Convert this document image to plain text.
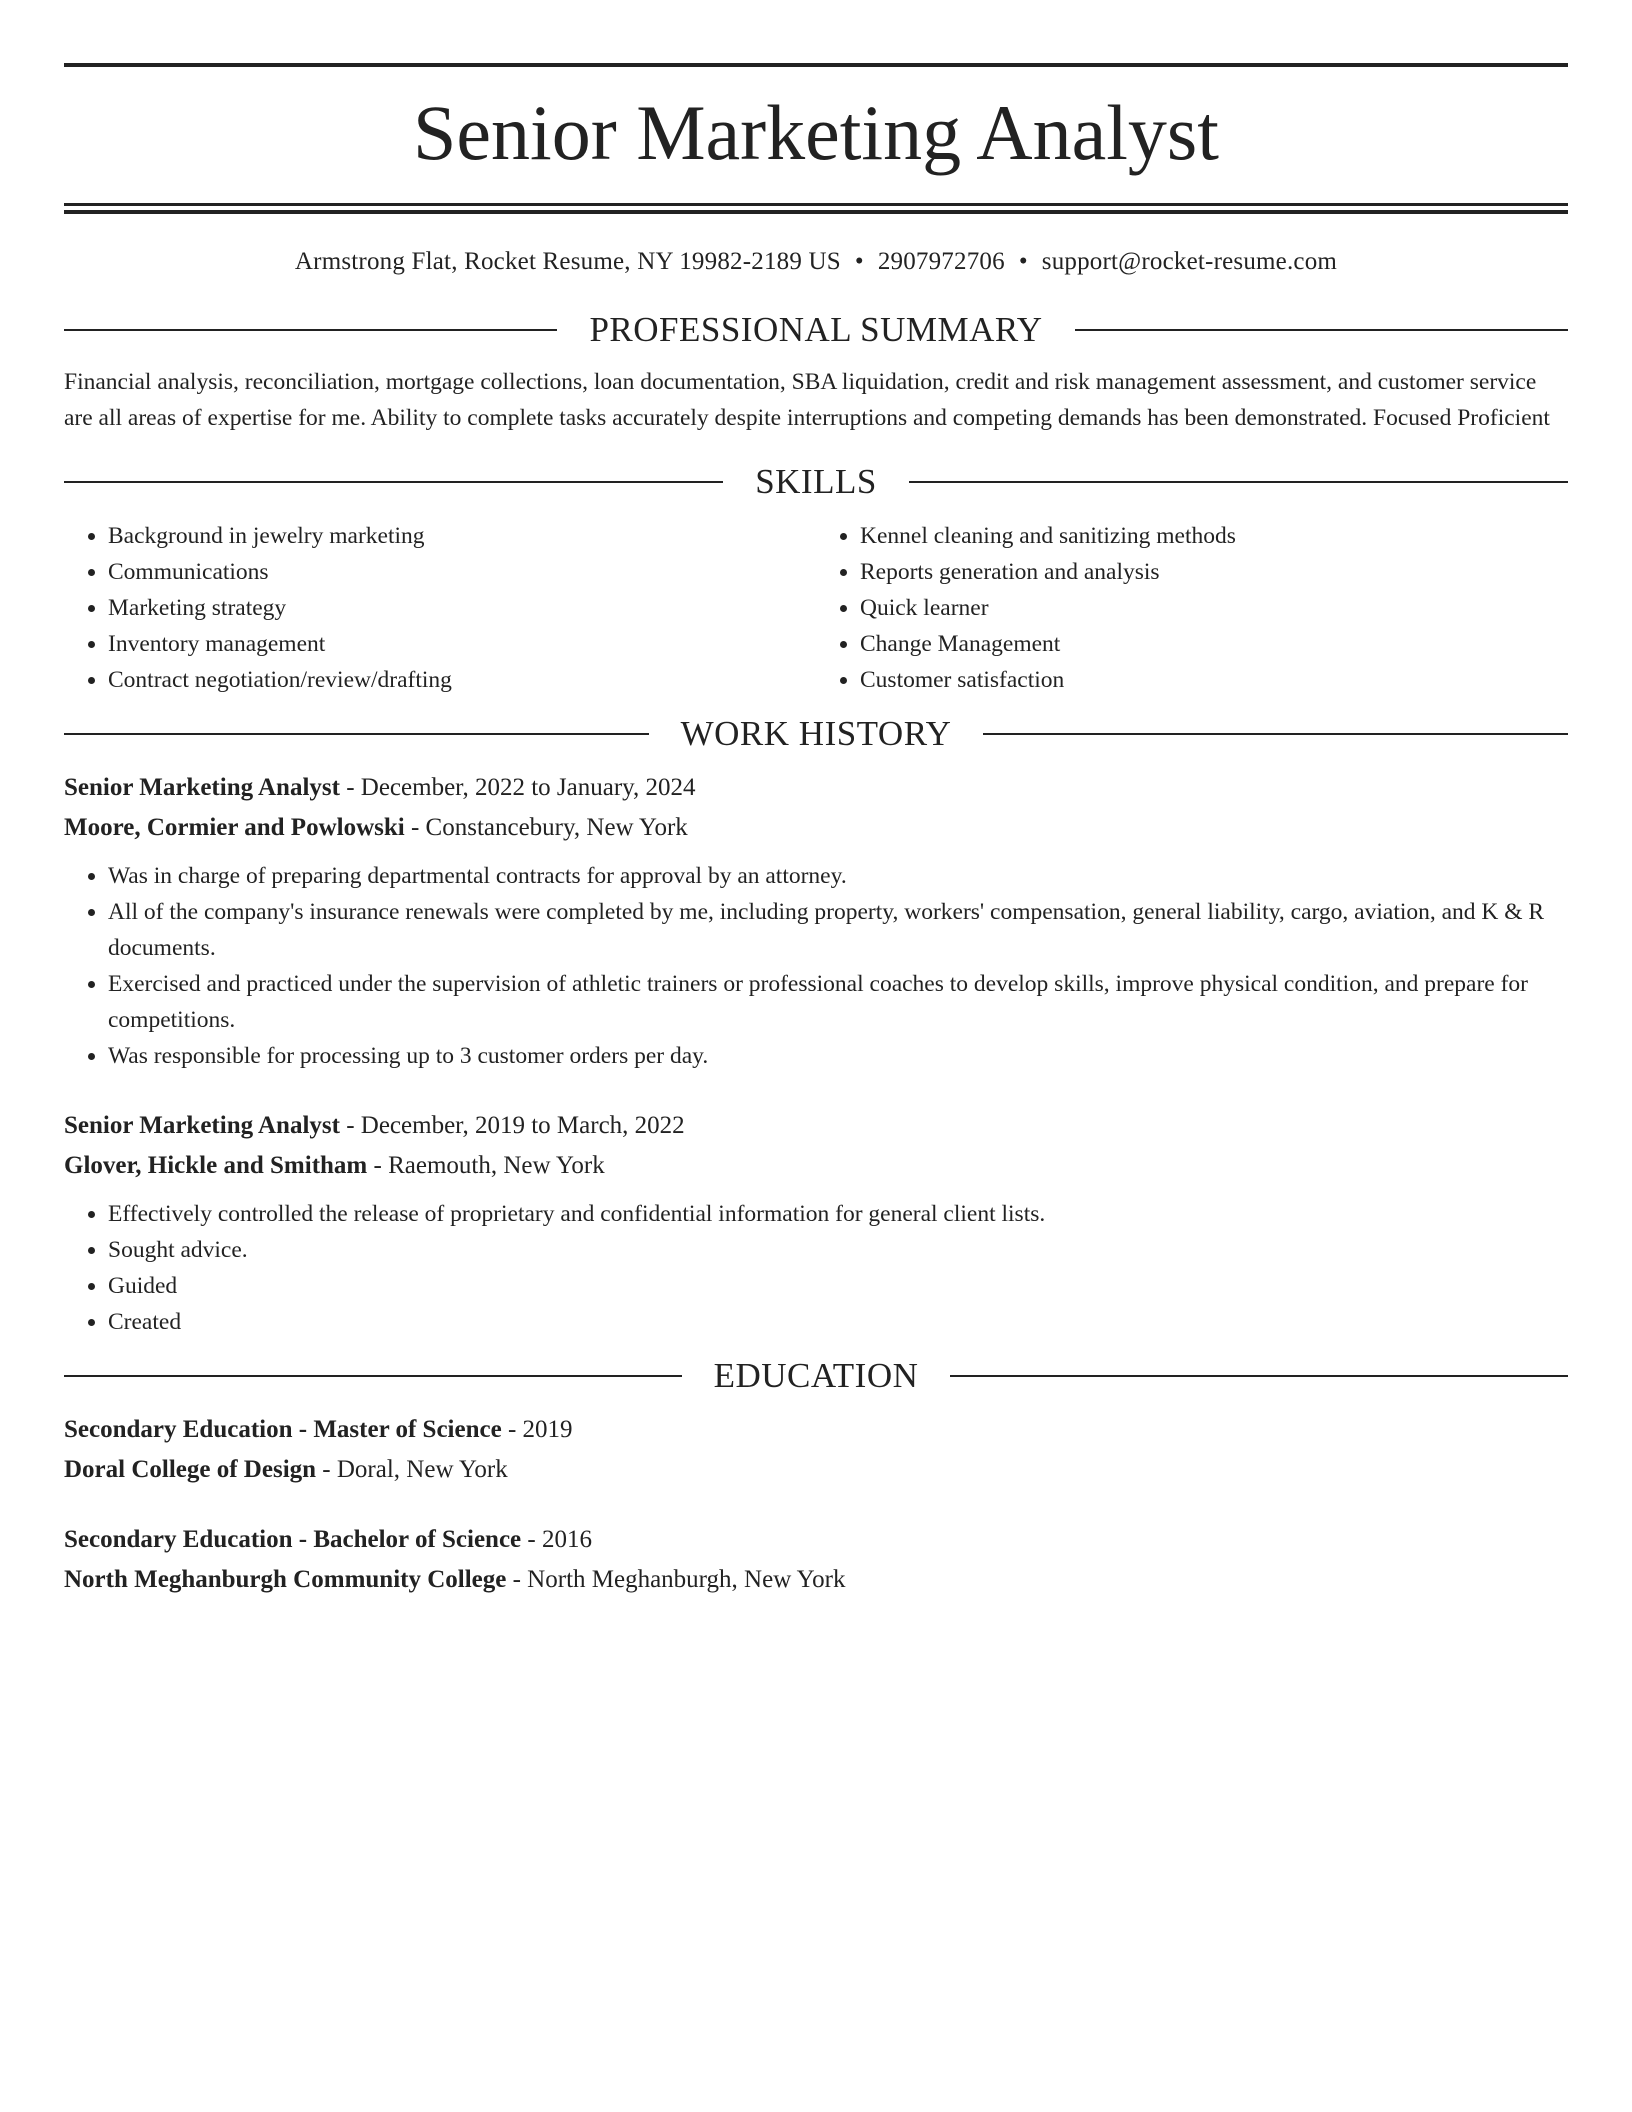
Senior Marketing Analyst
Armstrong Flat, Rocket Resume, NY 19982-2189 US • 2907972706 • support@rocket-resume.com
PROFESSIONAL SUMMARY

Financial analysis, reconciliation, mortgage collections, loan documentation, SBA liquidation, credit and risk management assessment, and customer service are all areas of expertise for me. Ability to complete tasks accurately despite interruptions and competing demands has been demonstrated. Focused Proficient

SKILLS
• Background in jewelry marketing
• Communications
• Marketing strategy
• Inventory management
• Contract negotiation/review/drafting
• Kennel cleaning and sanitizing methods
• Reports generation and analysis
• Quick learner
• Change Management
• Customer satisfaction
WORK HISTORY
Senior Marketing Analyst - December, 2022 to January, 2024
Moore, Cormier and Powlowski - Constancebury, New York
• Was in charge of preparing departmental contracts for approval by an attorney.
• All of the company's insurance renewals were completed by me, including property, workers' compensation, general liability, cargo, aviation, and K & R documents.
• Exercised and practiced under the supervision of athletic trainers or professional coaches to develop skills, improve physical condition, and prepare for competitions.
• Was responsible for processing up to 3 customer orders per day.
Senior Marketing Analyst - December, 2019 to March, 2022
Glover, Hickle and Smitham - Raemouth, New York
• Effectively controlled the release of proprietary and confidential information for general client lists.
• Sought advice.
• Guided
• Created
EDUCATION
Secondary Education - Master of Science - 2019
Doral College of Design - Doral, New York
Secondary Education - Bachelor of Science - 2016
North Meghanburgh Community College - North Meghanburgh, New York
